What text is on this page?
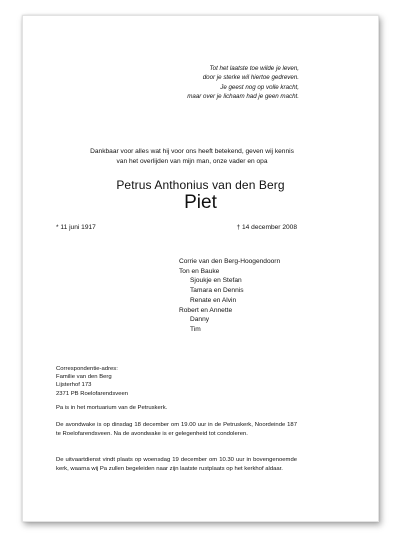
Tot het laatste toe wilde je leven,
door je sterke wil hiertoe gedreven.
Je geest nog op volle kracht,
maar over je lichaam had je geen macht.
Dankbaar voor alles wat hij voor ons heeft betekend, geven wij kennis
van het overlijden van mijn man, onze vader en opa
Petrus Anthonius van den Berg
Piet
* 11 juni 1917	† 14 december 2008
Corrie van den Berg-Hoogendoorn
Ton en Bauke
Sjoukje en Stefan
Tamara en Dennis
Renate en Alvin
Robert en Annette
Danny
Tim
Correspondentie-adres:
Familie van den Berg
Lijsterhof 173
2371 PB Roelofarendsveen
Pa is in het mortuarium van de Petruskerk.
De avondwake is op dinsdag 18 december om 19.00 uur in de Petruskerk, Noordeinde 187 te Roelofarendsveen. Na de avondwake is er gelegenheid tot condoleren.
De uitvaartdienst vindt plaats op woensdag 19 december om 10.30 uur in bovengenoemde kerk, waarna wij Pa zullen begeleiden naar zijn laatste rustplaats op het kerkhof aldaar.
